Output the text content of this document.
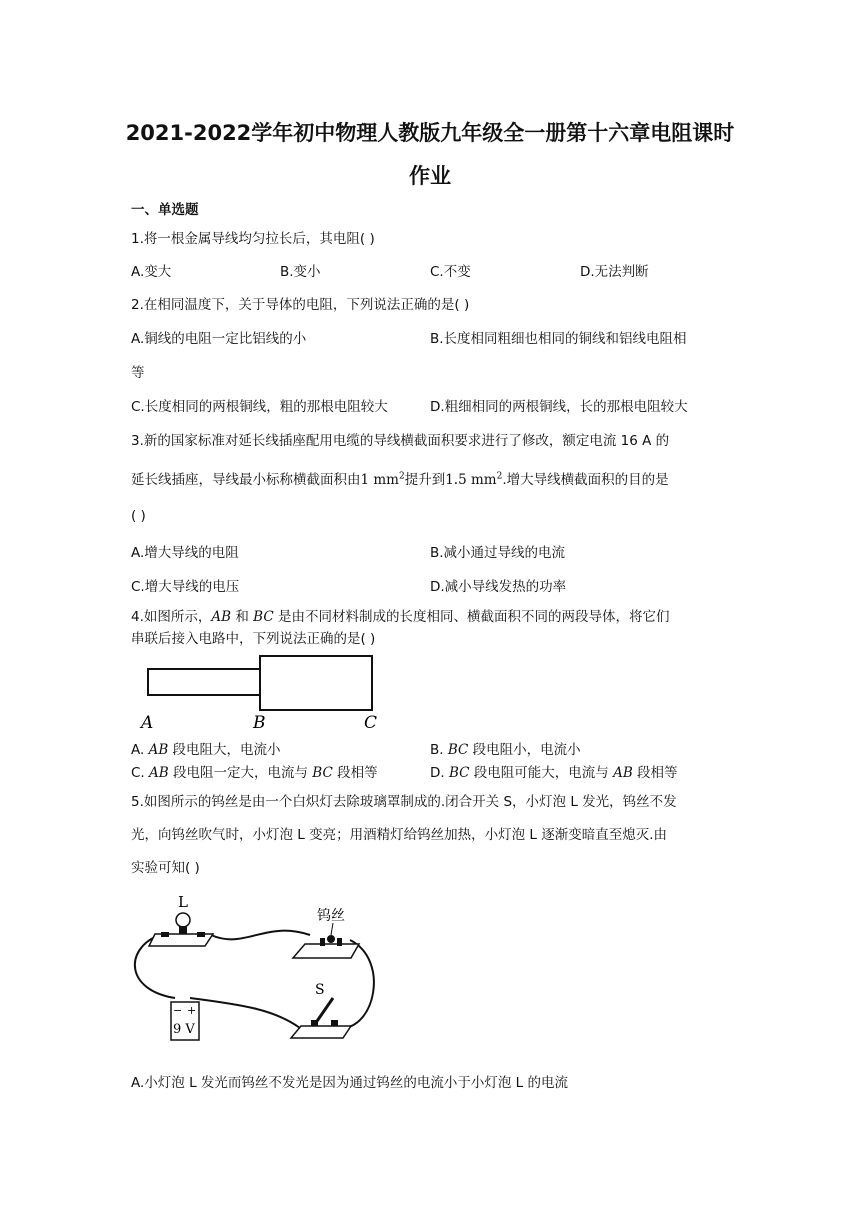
2021-2022学年初中物理人教版九年级全一册第十六章电阻课时
作业
一、单选题
1.将一根金属导线均匀拉长后，其电阻( )
A.变大	B.变小	C.不变	D.无法判断
2.在相同温度下，关于导体的电阻，下列说法正确的是( )
A.铜线的电阻一定比铝线的小	B.长度相同粗细也相同的铜线和铝线电阻相
等
C.长度相同的两根铜线，粗的那根电阻较大	D.粗细相同的两根铜线，长的那根电阻较大
3.新的国家标准对延长线插座配用电缆的导线横截面积要求进行了修改，额定电流 16 A 的
延长线插座，导线最小标称横截面积由1 $mm^2$提升到1.5 $mm^2$.增大导线横截面积的目的是
( )
A.增大导线的电阻	B.减小通过导线的电流
C.增大导线的电压	D.减小导线发热的功率
4.如图所示，AB 和 BC 是由不同材料制成的长度相同、横截面积不同的两段导体，将它们
串联后接入电路中，下列说法正确的是( )
A	B	C
A. AB 段电阻大，电流小	B. BC 段电阻小，电流小
C. AB 段电阻一定大，电流与 BC 段相等	D. BC 段电阻可能大，电流与 AB 段相等
5.如图所示的钨丝是由一个白炽灯去除玻璃罩制成的.闭合开关 S，小灯泡 L 发光，钨丝不发
光，向钨丝吹气时，小灯泡 L 变亮；用酒精灯给钨丝加热，小灯泡 L 逐渐变暗直至熄灭.由
实验可知( )
L
钨丝
− +
9 V
S
A.小灯泡 L 发光而钨丝不发光是因为通过钨丝的电流小于小灯泡 L 的电流
